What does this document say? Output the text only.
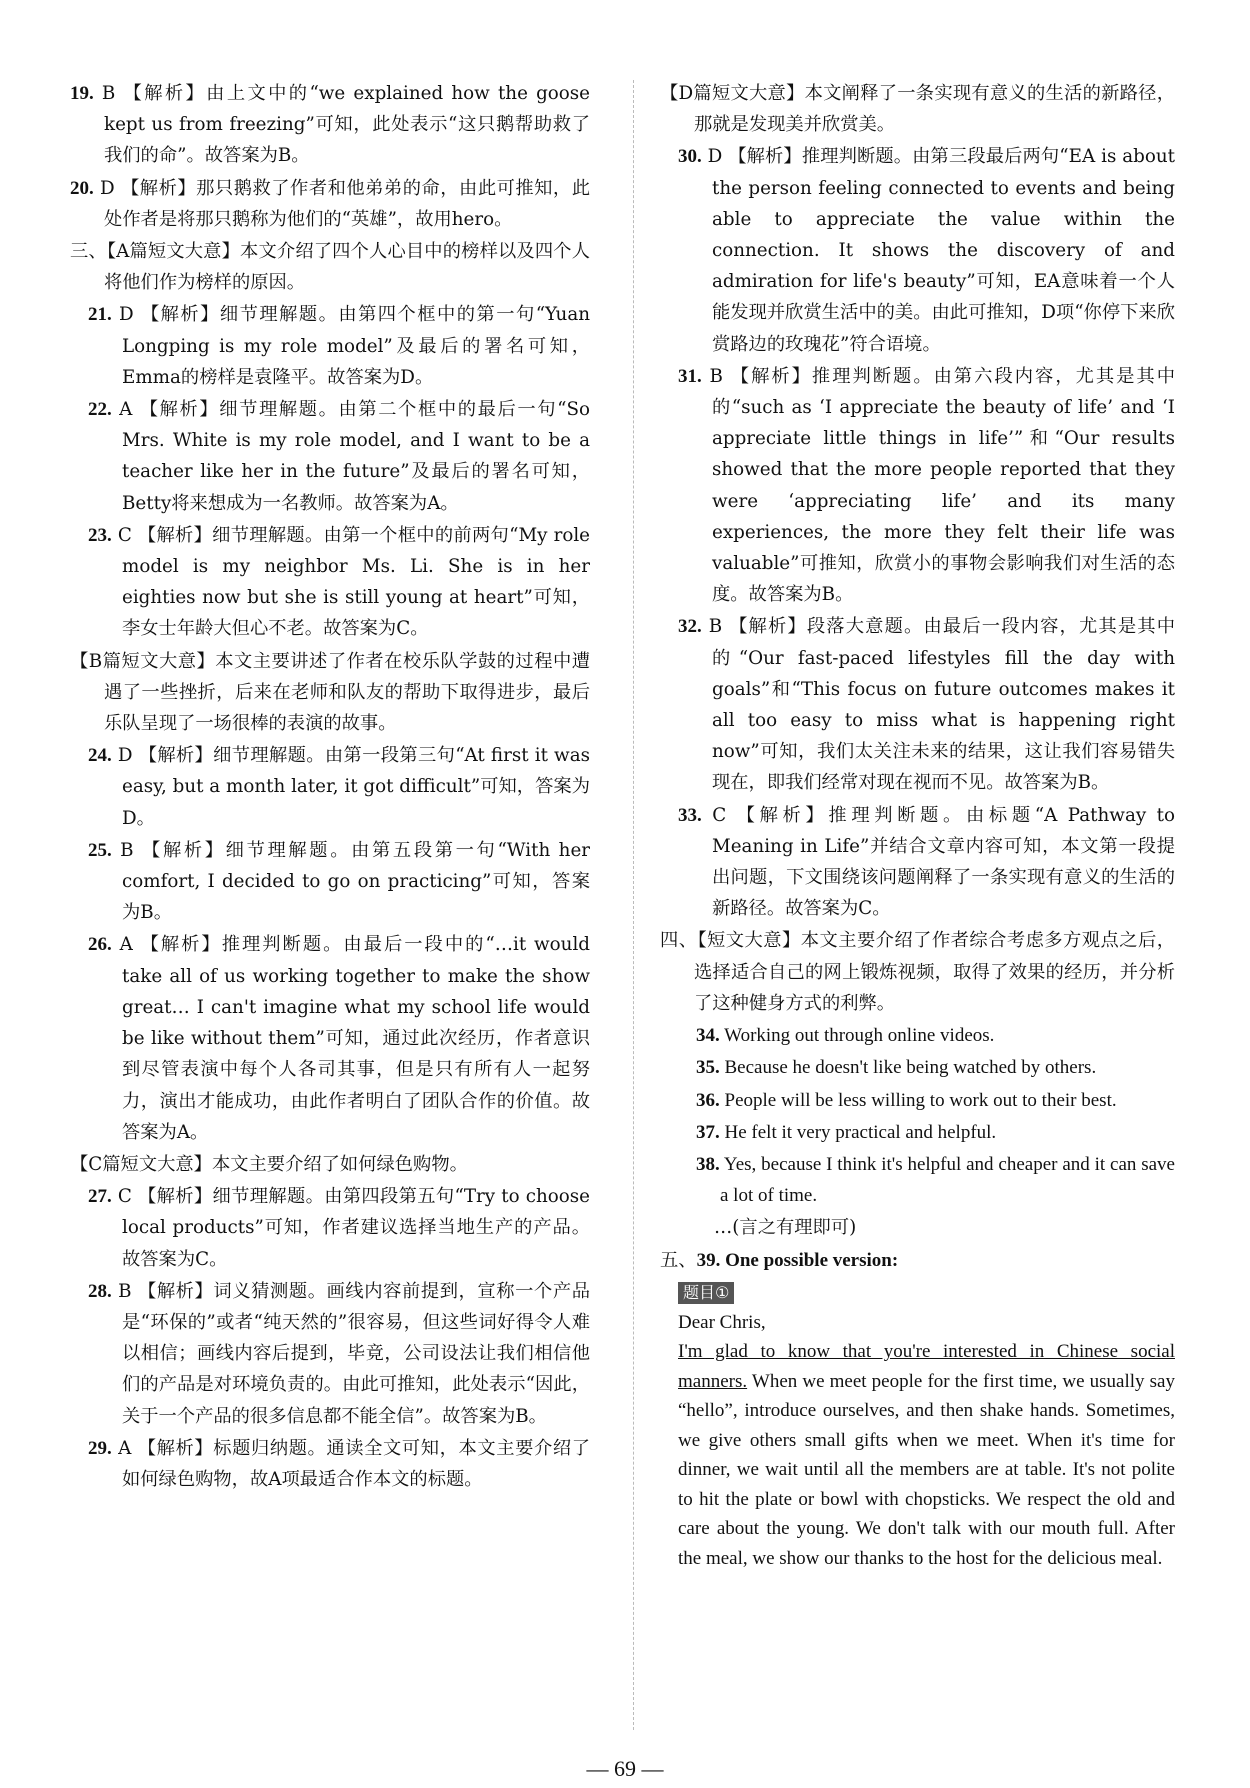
19. B 【解析】由上文中的“we explained how the goose kept us from freezing”可知，此处表示“这只鹅帮助救了我们的命”。故答案为B。

20. D 【解析】那只鹅救了作者和他弟弟的命，由此可推知，此处作者是将那只鹅称为他们的“英雄”，故用hero。

三、【A篇短文大意】本文介绍了四个人心目中的榜样以及四个人将他们作为榜样的原因。

21. D 【解析】细节理解题。由第四个框中的第一句“Yuan Longping is my role model”及最后的署名可知，Emma的榜样是袁隆平。故答案为D。

22. A 【解析】细节理解题。由第二个框中的最后一句“So Mrs. White is my role model, and I want to be a teacher like her in the future”及最后的署名可知，Betty将来想成为一名教师。故答案为A。

23. C 【解析】细节理解题。由第一个框中的前两句“My role model is my neighbor Ms. Li. She is in her eighties now but she is still young at heart”可知，李女士年龄大但心不老。故答案为C。

【B篇短文大意】本文主要讲述了作者在校乐队学鼓的过程中遭遇了一些挫折，后来在老师和队友的帮助下取得进步，最后乐队呈现了一场很棒的表演的故事。

24. D 【解析】细节理解题。由第一段第三句“At first it was easy, but a month later, it got difficult”可知，答案为D。

25. B 【解析】细节理解题。由第五段第一句“With her comfort, I decided to go on practicing”可知，答案为B。

26. A 【解析】推理判断题。由最后一段中的“…it would take all of us working together to make the show great… I can't imagine what my school life would be like without them”可知，通过此次经历，作者意识到尽管表演中每个人各司其事，但是只有所有人一起努力，演出才能成功，由此作者明白了团队合作的价值。故答案为A。

【C篇短文大意】本文主要介绍了如何绿色购物。

27. C 【解析】细节理解题。由第四段第五句“Try to choose local products”可知，作者建议选择当地生产的产品。故答案为C。

28. B 【解析】词义猜测题。画线内容前提到，宣称一个产品是“环保的”或者“纯天然的”很容易，但这些词好得令人难以相信；画线内容后提到，毕竟，公司设法让我们相信他们的产品是对环境负责的。由此可推知，此处表示“因此，关于一个产品的很多信息都不能全信”。故答案为B。

29. A 【解析】标题归纳题。通读全文可知，本文主要介绍了如何绿色购物，故A项最适合作本文的标题。

【D篇短文大意】本文阐释了一条实现有意义的生活的新路径，那就是发现美并欣赏美。

30. D 【解析】推理判断题。由第三段最后两句“EA is about the person feeling connected to events and being able to appreciate the value within the connection. It shows the discovery of and admiration for life's beauty”可知，EA意味着一个人能发现并欣赏生活中的美。由此可推知，D项“你停下来欣赏路边的玫瑰花”符合语境。

31. B 【解析】推理判断题。由第六段内容，尤其是其中的“such as ‘I appreciate the beauty of life’ and ‘I appreciate little things in life’”和“Our results showed that the more people reported that they were ‘appreciating life’ and its many experiences, the more they felt their life was valuable”可推知，欣赏小的事物会影响我们对生活的态度。故答案为B。

32. B 【解析】段落大意题。由最后一段内容，尤其是其中的“Our fast-paced lifestyles fill the day with goals”和“This focus on future outcomes makes it all too easy to miss what is happening right now”可知，我们太关注未来的结果，这让我们容易错失现在，即我们经常对现在视而不见。故答案为B。

33. C 【解析】推理判断题。由标题“A Pathway to Meaning in Life”并结合文章内容可知，本文第一段提出问题，下文围绕该问题阐释了一条实现有意义的生活的新路径。故答案为C。

四、【短文大意】本文主要介绍了作者综合考虑多方观点之后，选择适合自己的网上锻炼视频，取得了效果的经历，并分析了这种健身方式的利弊。

34. Working out through online videos.

35. Because he doesn't like being watched by others.

36. People will be less willing to work out to their best.

37. He felt it very practical and helpful.

38. Yes, because I think it's helpful and cheaper and it can save a lot of time.

…(言之有理即可)

五、39. One possible version:

题目①
Dear Chris,
I'm glad to know that you're interested in Chinese social manners. When we meet people for the first time, we usually say “hello”, introduce ourselves, and then shake hands. Sometimes, we give others small gifts when we meet. When it's time for dinner, we wait until all the members are at table. It's not polite to hit the plate or bowl with chopsticks. We respect the old and care about the young. We don't talk with our mouth full. After the meal, we show our thanks to the host for the delicious meal.
— 69 —
